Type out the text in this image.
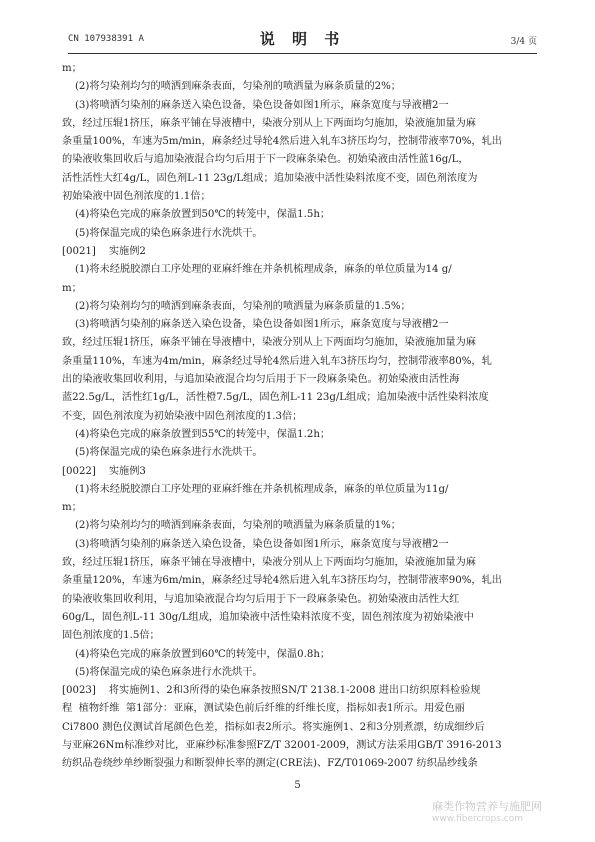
CN 107938391 A	说 明 书	3/4 页
m；
(2)将匀染剂均匀的喷洒到麻条表面，匀染剂的喷洒量为麻条质量的2%；
(3)将喷洒匀染剂的麻条送入染色设备，染色设备如图1所示，麻条宽度与导液槽2一
致，经过压辊1挤压，麻条平铺在导液槽中，染液分别从上下两面均匀施加，染液施加量为麻
条重量100%，车速为5m/min，麻条经过导轮4然后进入轧车3挤压均匀，控制带液率70%，轧出
的染液收集回收后与追加染液混合均匀后用于下一段麻条染色。初始染液由活性蓝16g/L，
活性活性大红4g/L，固色剂L-11 23g/L组成；追加染液中活性染料浓度不变，固色剂浓度为
初始染液中固色剂浓度的1.1倍；
(4)将染色完成的麻条放置到50℃的转笼中，保温1.5h；
(5)将保温完成的染色麻条进行水洗烘干。
[0021]    实施例2
(1)将未经脱胶漂白工序处理的亚麻纤维在并条机梳理成条，麻条的单位质量为14 g/
m；
(2)将匀染剂均匀的喷洒到麻条表面，匀染剂的喷洒量为麻条质量的1.5%；
(3)将喷洒匀染剂的麻条送入染色设备，染色设备如图1所示，麻条宽度与导液槽2一
致，经过压辊1挤压，麻条平铺在导液槽中，染液分别从上下两面均匀施加，染液施加量为麻
条重量110%，车速为4m/min，麻条经过导轮4然后进入轧车3挤压均匀，控制带液率80%，轧
出的染液收集回收利用，与追加染液混合均匀后用于下一段麻条染色。初始染液由活性海
蓝22.5g/L，活性红1g/L，活性橙7.5g/L，固色剂L-11 23g/L组成；追加染液中活性染料浓度
不变，固色剂浓度为初始染液中固色剂浓度的1.3倍；
(4)将染色完成的麻条放置到55℃的转笼中，保温1.2h；
(5)将保温完成的染色麻条进行水洗烘干。
[0022]    实施例3
(1)将未经脱胶漂白工序处理的亚麻纤维在并条机梳理成条，麻条的单位质量为11g/
m；
(2)将匀染剂均匀的喷洒到麻条表面，匀染剂的喷洒量为麻条质量的1%；
(3)将喷洒匀染剂的麻条送入染色设备，染色设备如图1所示，麻条宽度与导液槽2一
致，经过压辊1挤压，麻条平铺在导液槽中，染液分别从上下两面均匀施加，染液施加量为麻
条重量120%，车速为6m/min，麻条经过导轮4然后进入轧车3挤压均匀，控制带液率90%，轧出
的染液收集回收利用，与追加染液混合均匀后用于下一段麻条染色。初始染液由活性大红
60g/L，固色剂L-11 30g/L组成，追加染液中活性染料浓度不变，固色剂浓度为初始染液中
固色剂浓度的1.5倍；
(4)将染色完成的麻条放置到60℃的转笼中，保温0.8h；
(5)将保温完成的染色麻条进行水洗烘干。
[0023]    将实施例1、2和3所得的染色麻条按照SN/T 2138.1-2008 进出口纺织原料检验规
程  植物纤维  第1部分：亚麻，测试染色前后纤维的纤维长度，指标如表1所示。用爱色丽
Ci7800 测色仪测试首尾颜色色差，指标如表2所示。将实施例1、2和3分别煮漂，纺成细纱后
与亚麻26Nm标准纱对比，亚麻纱标准参照FZ/T 32001-2009，测试方法采用GB/T 3916-2013
纺织品卷绕纱单纱断裂强力和断裂伸长率的测定(CRE法)、FZ/T01069-2007 纺织品纱线条
5
麻类作物营养与施肥网
www.fibercrops.com
